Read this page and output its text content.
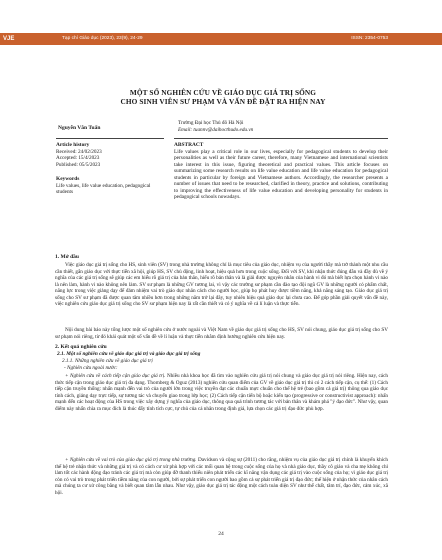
VJE	Tạp chí Giáo dục (2023), 23(9), 24-29	ISSN: 2354-0753
MỘT SỐ NGHIÊN CỨU VỀ GIÁO DỤC GIÁ TRỊ SỐNG
CHO SINH VIÊN SƯ PHẠM VÀ VẤN ĐỀ ĐẶT RA HIỆN NAY
Nguyễn Văn Tuấn
Trường Đại học Thủ đô Hà Nội
Email: tuannv@daihocthudo.edu.vn
Article history
Received: 24/02/2023
Accepted: 15/4/2023
Published: 05/5/2023
Keywords
Life values, life value education, pedagogical students
ABSTRACT
Life values play a critical role in our lives, especially for pedagogical students to develop their personalities as well as their future career, therefore, many Vietnamese and international scientists take interest in this issue, figuring theoretical and practical values. This article focuses on summarizing some research results on life value education and life value education for pedagogical students in particular by foreign and Vietnamese authors. Accordingly, the researcher presents a number of issues that need to be researched, clarified in theory, practice and solutions, contributing to improving the effectiveness of life value education and developing personality for students in pedagogical schools nowadays.
1. Mở đầu
Việc giáo dục giá trị sống cho HS, sinh viên (SV) trong nhà trường không chỉ là mục tiêu của giáo dục, nhiệm vụ của người thầy mà trở thành một nhu cầu cần thiết, gắn giáo dục với thực tiễn xã hội, giúp HS, SV chủ động, linh hoạt, hiệu quả hơn trong cuộc sống. Đối với SV, khi nhận thức đúng đắn và đầy đủ về ý nghĩa của các giá trị sống sẽ giúp các em hiểu rõ giá trị của bản thân, hiểu rõ bản thân và là giải được nguyên nhân của hành vi đó mà biết lựa chọn hành vi nào là nên làm, hành vi nào không nên làm. SV sư phạm là những GV tương lai, vì vậy các trường sư phạm cần đào tạo đội ngũ GV là những người có phẩm chất, năng lực trong việc giảng dạy để đảm nhiệm vai trò giáo dục nhân cách cho người học, giúp họ phát huy được tiềm năng, khả năng sáng tạo. Giáo dục giá trị sống cho SV sư phạm đã được quan tâm nhiều hơn trong những năm trở lại đây, tuy nhiên hiệu quả giáo dục lại chưa cao. Để góp phần giải quyết vấn đề này, việc nghiên cứu giáo dục giá trị sống cho SV sư phạm hiện nay là rất cần thiết và có ý nghĩa về cả lí luận và thực tiễn.
Nội dung bài báo này tổng lược một số nghiên cứu ở nước ngoài và Việt Nam về giáo dục giá trị sống cho HS, SV nói chung, giáo dục giá trị sống cho SV sư phạm nói riêng, từ đó khái quát một số vấn đề về lí luận và thực tiễn nhằm định hướng nghiên cứu hiện nay.
2. Kết quả nghiên cứu
2.1. Một số nghiên cứu về giáo dục giá trị và giáo dục giá trị sống
2.1.1. Những nghiên cứu về giáo dục giá trị
- Nghiên cứu ngoài nước:
+ Nghiên cứu về cách tiếp cận giáo dục giá trị. Nhiều nhà khoa học đã tìm vào nghiên cứu giá trị nói chung và giáo dục giá trị nói riêng. Hiện nay, cách thức tiếp cận trong giáo dục giá trị đa dạng. Thornberg & Oguz (2013) nghiên cứu quan điểm của GV về giáo dục giá trị thì có 2 cách tiếp cận, cụ thể: (1) Cách tiếp cận truyền thống: nhấn mạnh đến vai trò của người lớn trong việc truyền đạt các chuẩn mực chuẩn cho thế hệ trẻ (bao gồm cả giá trị) thông qua giáo dục tính cách, giảng dạy trực tiếp, sự tương tác và chuyển giao trong lớp học; (2) Cách tiếp cận tiến bộ hoặc kiến tạo (progressive or constructivist approach): nhấn mạnh đến các hoạt động của HS trong việc xây dựng ý nghĩa của giáo dục, thông qua quá trình tương tác với bản thân và khám phá "ý đạo đức". Như vậy, quan điểm này nhấn chìa ra mục đích là thúc đẩy tính tích cực, tự chủ của cá nhân trong định giá, lựa chọn các giá trị đạo đức phù hợp.
+ Nghiên cứu về vai trò của giáo dục giá trị trong nhà trường. Davidson và cộng sự (2011) cho rằng, nhiệm vụ của giáo dục giá trị chính là khuyến khích thế hệ trẻ nhận thức và những giá trị và có cách cư xử phù hợp với các mối quan hệ trong cuộc sống của họ và nhà giáo dục, thầy cô giáo và cha mẹ không chỉ làm tốt các hành động đạo tránh các giá trị mà còn giúp đỡ thanh thiếu niên phát triển các kĩ năng vận dụng các giá trị vào cuộc sống của họ; vì giáo dục giá trị còn có vai trò trong phát triển tiềm năng của con người, bởi sự phát triển con người bao gồm cả sự phát triển giá trị đạo đức; thế hiện ở nhận thức của nhân cách mà chúng ta cư xử công bằng và biết quan tâm lẫn nhau. Như vậy, giáo dục giá trị tác động một cách toàn diện SV như thể chất, tâm trí, đạo đức, cảm xúc, xã hội.
24
